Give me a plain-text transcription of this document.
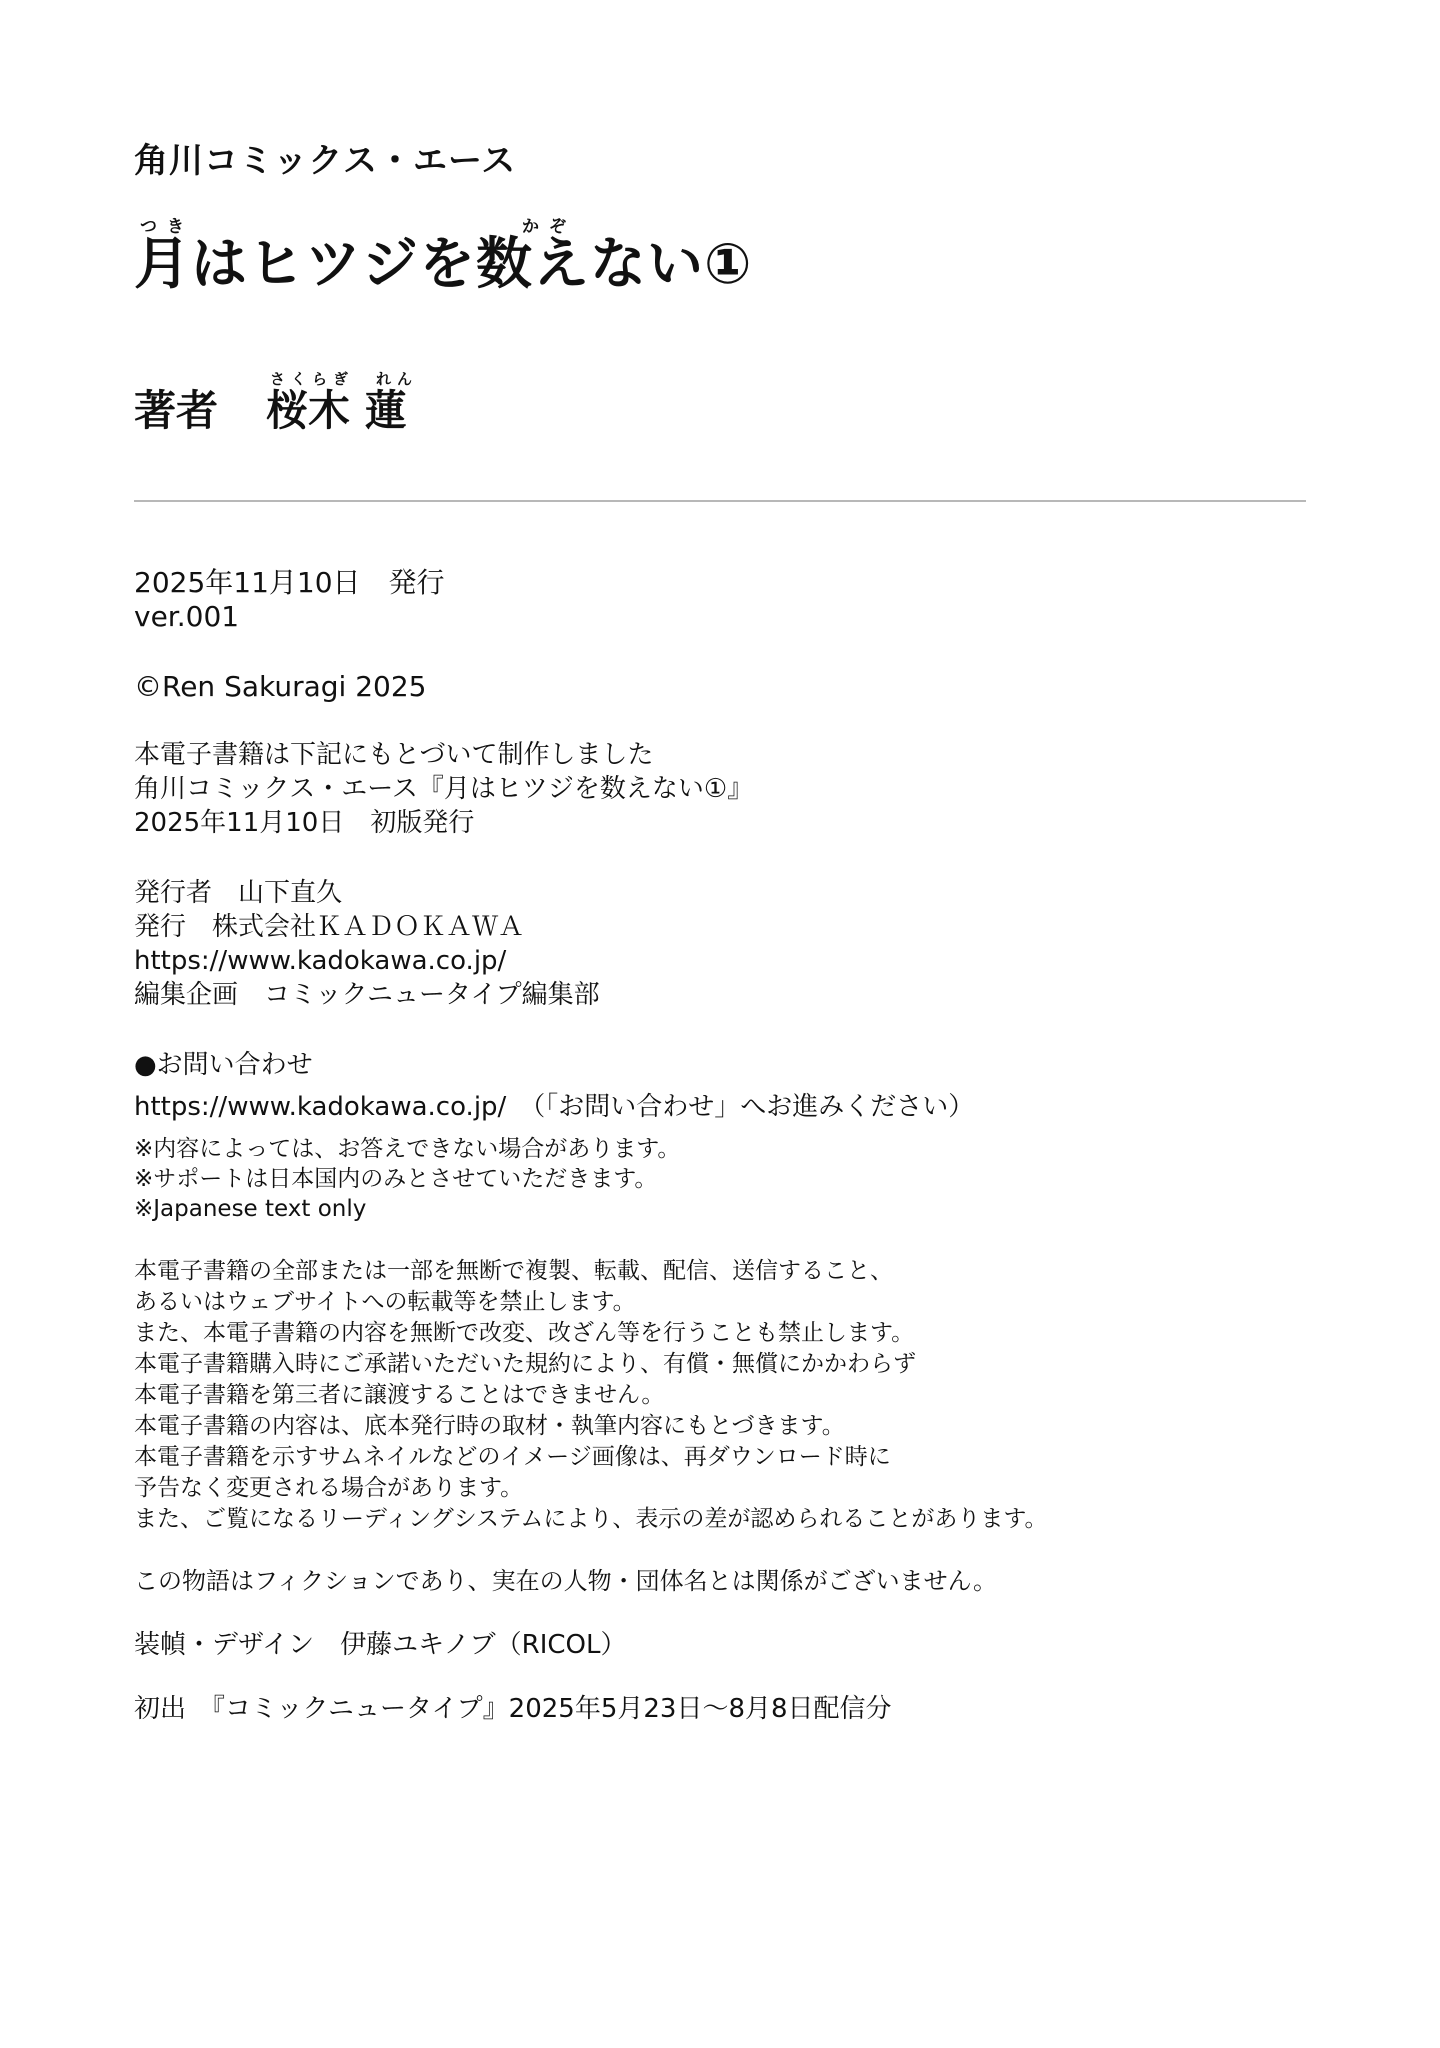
角川コミックス・エース
つき	かぞ
月はヒツジを数えない①
さくらぎ れん
著者 桜木 蓮
2025年11月10日　発行
ver.001
©Ren Sakuragi 2025
本電子書籍は下記にもとづいて制作しました
角川コミックス・エース『月はヒツジを数えない①』
2025年11月10日　初版発行
発行者　山下直久
発行　株式会社ＫＡＤＯＫＡＷＡ
https://www.kadokawa.co.jp/
編集企画　コミックニュータイプ編集部
●お問い合わせ
https://www.kadokawa.co.jp/　（「お問い合わせ」へお進みください）
※内容によっては、お答えできない場合があります。
※サポートは日本国内のみとさせていただきます。
※Japanese text only
本電子書籍の全部または一部を無断で複製、転載、配信、送信すること、
あるいはウェブサイトへの転載等を禁止します。
また、本電子書籍の内容を無断で改変、改ざん等を行うことも禁止します。
本電子書籍購入時にご承諾いただいた規約により、有償・無償にかかわらず
本電子書籍を第三者に譲渡することはできません。
本電子書籍の内容は、底本発行時の取材・執筆内容にもとづきます。
本電子書籍を示すサムネイルなどのイメージ画像は、再ダウンロード時に
予告なく変更される場合があります。
また、ご覧になるリーディングシステムにより、表示の差が認められることがあります。
この物語はフィクションであり、実在の人物・団体名とは関係がございません。
装幀・デザイン　伊藤ユキノブ（RICOL）
初出　『コミックニュータイプ』2025年5月23日～8月8日配信分
